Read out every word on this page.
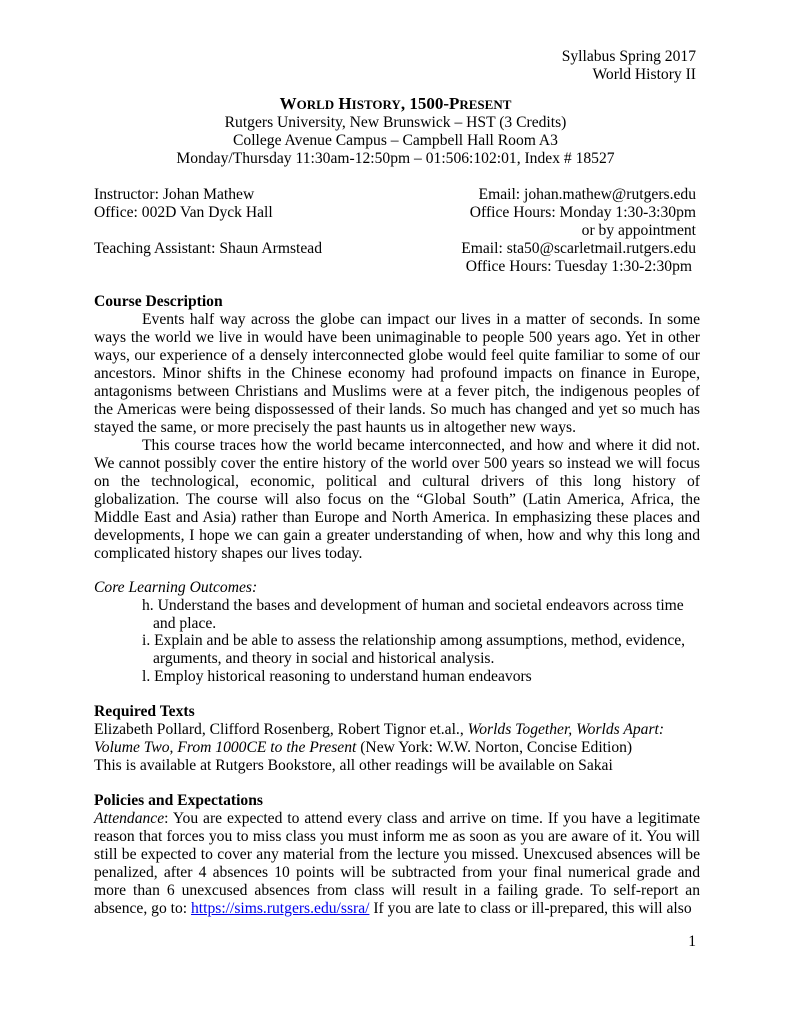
Syllabus Spring 2017
World History II
WORLD HISTORY, 1500-PRESENT
Rutgers University, New Brunswick – HST (3 Credits)
College Avenue Campus – Campbell Hall Room A3
Monday/Thursday 11:30am-12:50pm – 01:506:102:01, Index # 18527
Instructor: Johan Mathew	Email: johan.mathew@rutgers.edu
Office: 002D Van Dyck Hall	Office Hours: Monday 1:30-3:30pm
or by appointment
Teaching Assistant: Shaun Armstead	Email: sta50@scarletmail.rutgers.edu
Office Hours: Tuesday 1:30-2:30pm
Course Description
Events half way across the globe can impact our lives in a matter of seconds. In some ways the world we live in would have been unimaginable to people 500 years ago. Yet in other ways, our experience of a densely interconnected globe would feel quite familiar to some of our ancestors. Minor shifts in the Chinese economy had profound impacts on finance in Europe, antagonisms between Christians and Muslims were at a fever pitch, the indigenous peoples of the Americas were being dispossessed of their lands. So much has changed and yet so much has stayed the same, or more precisely the past haunts us in altogether new ways.
This course traces how the world became interconnected, and how and where it did not. We cannot possibly cover the entire history of the world over 500 years so instead we will focus on the technological, economic, political and cultural drivers of this long history of globalization. The course will also focus on the “Global South” (Latin America, Africa, the Middle East and Asia) rather than Europe and North America. In emphasizing these places and developments, I hope we can gain a greater understanding of when, how and why this long and complicated history shapes our lives today.
Core Learning Outcomes:
h. Understand the bases and development of human and societal endeavors across time
and place.
i. Explain and be able to assess the relationship among assumptions, method, evidence,
arguments, and theory in social and historical analysis.
l. Employ historical reasoning to understand human endeavors
Required Texts
Elizabeth Pollard, Clifford Rosenberg, Robert Tignor et.al., Worlds Together, Worlds Apart:
Volume Two, From 1000CE to the Present (New York: W.W. Norton, Concise Edition)
This is available at Rutgers Bookstore, all other readings will be available on Sakai
Policies and Expectations
Attendance: You are expected to attend every class and arrive on time. If you have a legitimate reason that forces you to miss class you must inform me as soon as you are aware of it. You will still be expected to cover any material from the lecture you missed. Unexcused absences will be penalized, after 4 absences 10 points will be subtracted from your final numerical grade and more than 6 unexcused absences from class will result in a failing grade. To self-report an absence, go to: https://sims.rutgers.edu/ssra/ If you are late to class or ill-prepared, this will also
1
